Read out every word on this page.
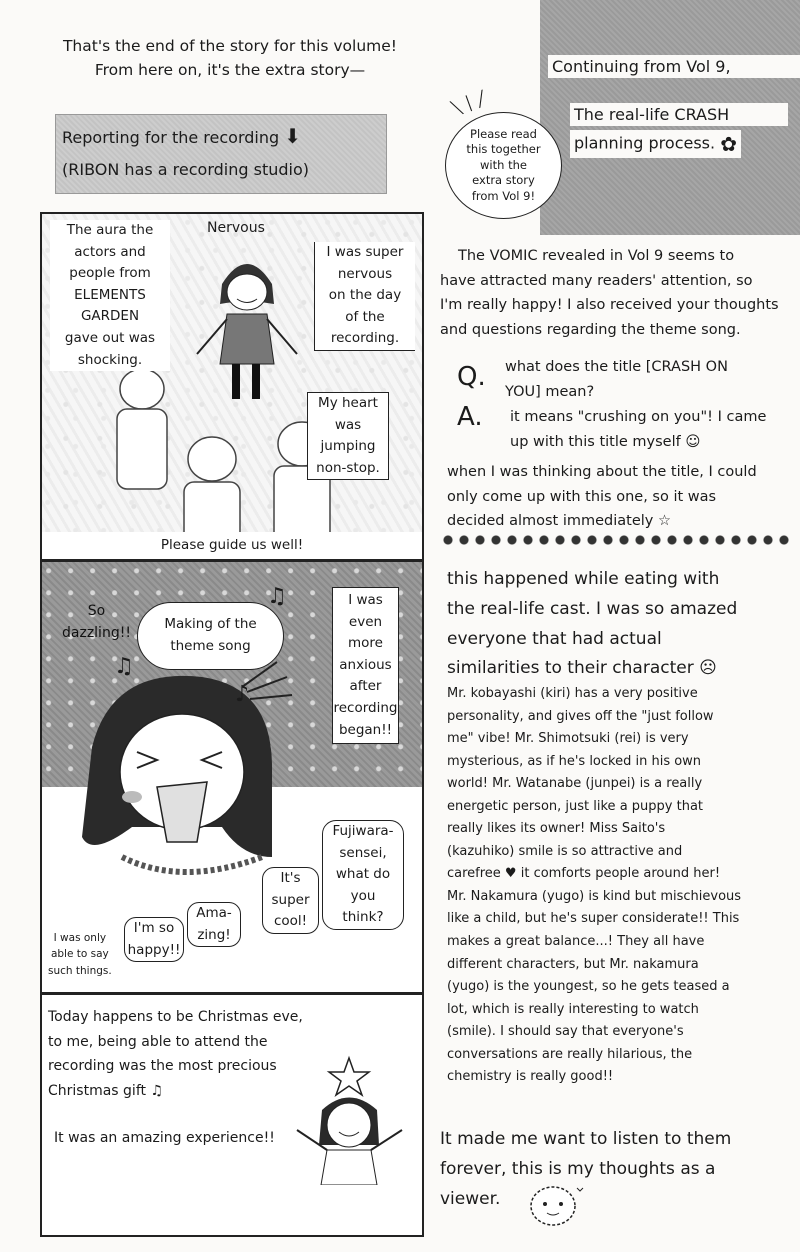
That's the end of the story for this volume!
From here on, it's the extra story—	Continuing from Vol 9,
The real-life CRASH
planning process. ✿
Please read
this together
with the
extra story
from Vol 9!
╲ │ ╱
Reporting for the recording ⬇
(RIBON has a recording studio)
The aura the
actors and
people from
ELEMENTS
GARDEN
gave out was
shocking.
Nervous
I was super
nervous
on the day
of the
recording.
My heart
was
jumping
non-stop.
Please guide us well!
So
dazzling!!
Making of the
theme song
♫
♫
♪
I was
even
more
anxious
after
recording
began!!
Fujiwara-
sensei,
what do
you
think?
It's
super
cool!
Ama-
zing!
I'm so
happy!!
I was only
able to say
such things.
Today happens to be Christmas eve,
to me, being able to attend the
recording was the most precious
Christmas gift ♫
It was an amazing experience!!
The VOMIC revealed in Vol 9 seems to
have attracted many readers' attention, so
I'm really happy! I also received your thoughts
and questions regarding the theme song.
Q. what does the title [CRASH ON
YOU] mean?
A. it means "crushing on you"! I came
up with this title myself ☺
when I was thinking about the title, I could
only come up with this one, so it was
decided almost immediately ☆
this happened while eating with
the real-life cast. I was so amazed
everyone that had actual
similarities to their character ☹
Mr. kobayashi (kiri) has a very positive
personality, and gives off the "just follow
me" vibe! Mr. Shimotsuki (rei) is very
mysterious, as if he's locked in his own
world! Mr. Watanabe (junpei) is a really
energetic person, just like a puppy that
really likes its owner! Miss Saito's
(kazuhiko) smile is so attractive and
carefree ♥ it comforts people around her!
Mr. Nakamura (yugo) is kind but mischievous
like a child, but he's super considerate!! This
makes a great balance...! They all have
different characters, but Mr. nakamura
(yugo) is the youngest, so he gets teased a
lot, which is really interesting to watch
(smile). I should say that everyone's
conversations are really hilarious, the
chemistry is really good!!
It made me want to listen to them
forever, this is my thoughts as a
viewer.
